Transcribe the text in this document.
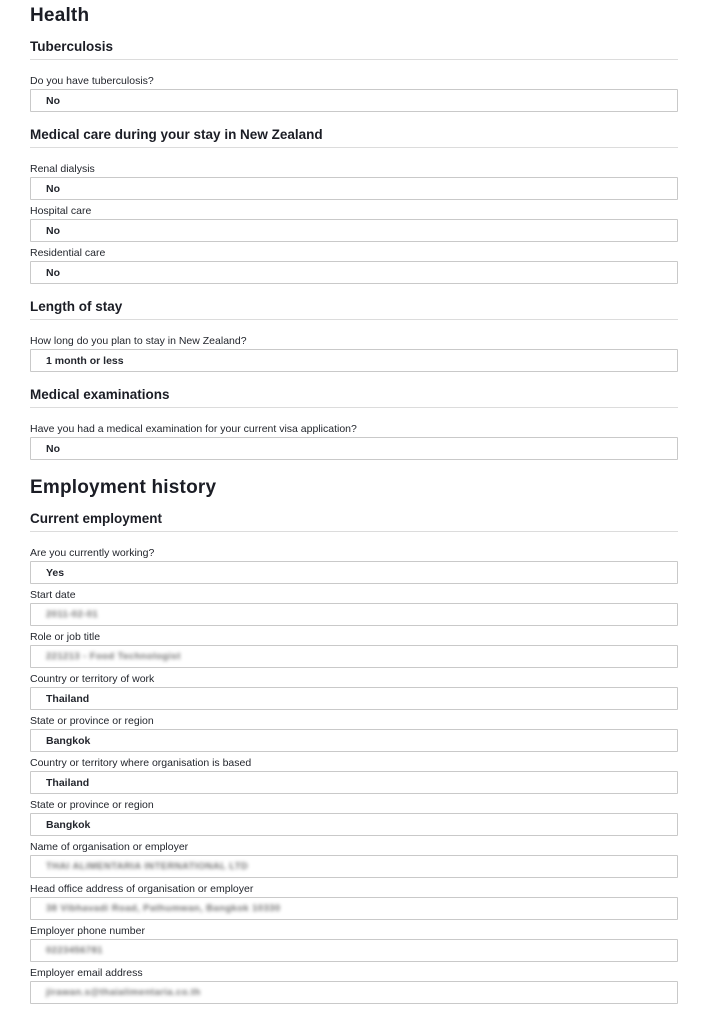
Health
Tuberculosis
Do you have tuberculosis?
No
Medical care during your stay in New Zealand
Renal dialysis
No
Hospital care
No
Residential care
No
Length of stay
How long do you plan to stay in New Zealand?
1 month or less
Medical examinations
Have you had a medical examination for your current visa application?
No
Employment history
Current employment
Are you currently working?
Yes
Start date
2011-02-01
Role or job title
221213 - Food Technologist
Country or territory of work
Thailand
State or province or region
Bangkok
Country or territory where organisation is based
Thailand
State or province or region
Bangkok
Name of organisation or employer
THAI ALIMENTARIA INTERNATIONAL LTD
Head office address of organisation or employer
38 Vibhavadi Road, Pathumwan, Bangkok 10330
Employer phone number
0223456781
Employer email address
jirawan.s@thaialimentaria.co.th
